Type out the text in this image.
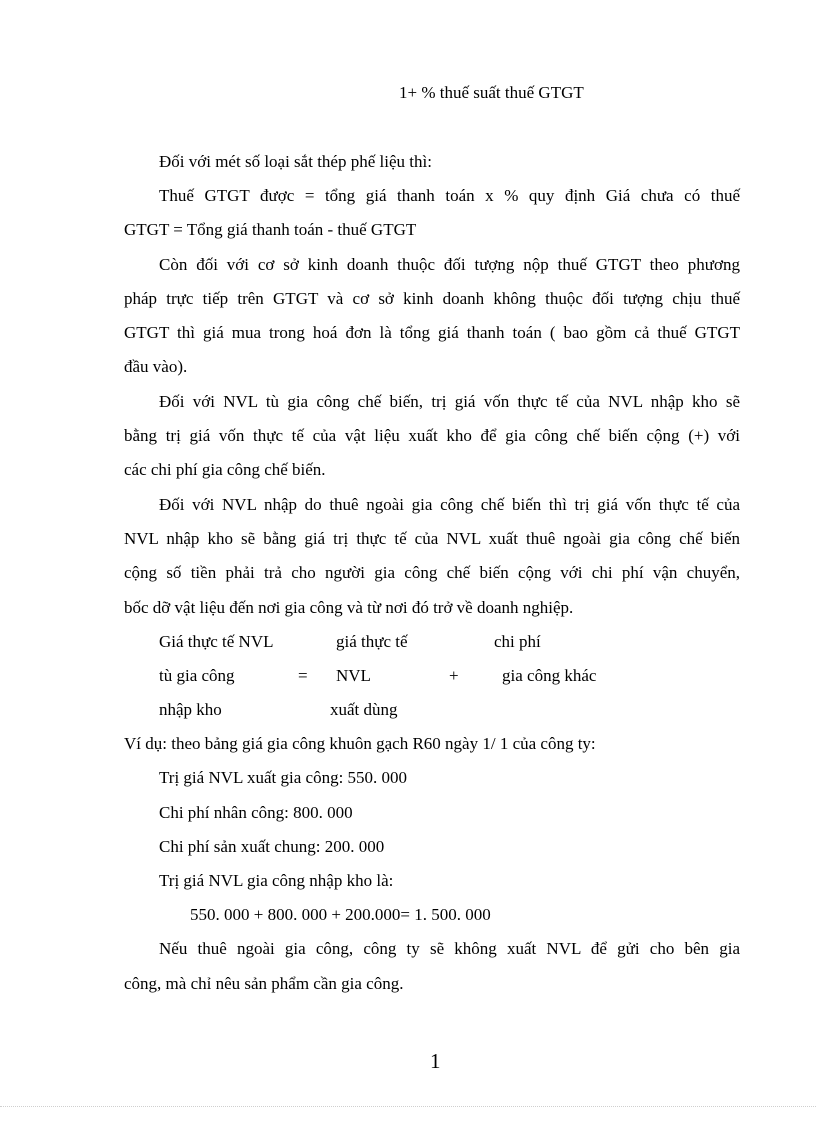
1+ % thuế suất thuế GTGT
Đối với mét số loại sắt thép phế liệu thì:
Thuế GTGT được = tổng giá thanh toán x % quy định Giá chưa có thuế
GTGT = Tổng giá thanh toán - thuế GTGT
Còn đối với cơ sở kinh doanh thuộc đối tượng nộp thuế GTGT theo phương
pháp trực tiếp trên GTGT và cơ sở kinh doanh không thuộc đối tượng chịu thuế
GTGT thì giá mua trong hoá đơn là tổng giá thanh toán ( bao gồm cả thuế GTGT
đầu vào).
Đối với NVL tù gia công chế biến, trị giá vốn thực tế của NVL nhập kho sẽ
bằng trị giá vốn thực tế của vật liệu xuất kho để gia công chế biến cộng (+) với
các chi phí gia công chế biến.
Đối với NVL nhập do thuê ngoài gia công chế biến thì trị giá vốn thực tế của
NVL nhập kho sẽ bằng giá trị thực tế của NVL xuất thuê ngoài gia công chế biến
cộng số tiền phải trả cho người gia công chế biến cộng với chi phí vận chuyển,
bốc dỡ vật liệu đến nơi gia công và từ nơi đó trở về doanh nghiệp.
Giá thực tế NVL	giá thực tế	chi phí
tù gia công	= NVL	+	gia công khác
nhập kho	xuất dùng
Ví dụ: theo bảng giá gia công khuôn gạch R60 ngày 1/ 1 của công ty:
Trị giá NVL xuất gia công: 550. 000
Chi phí nhân công: 800. 000
Chi phí sản xuất chung: 200. 000
Trị giá NVL gia công nhập kho là:
550. 000 + 800. 000 + 200.000= 1. 500. 000
Nếu thuê ngoài gia công, công ty sẽ không xuất NVL để gửi cho bên gia
công, mà chỉ nêu sản phẩm cần gia công.
1
